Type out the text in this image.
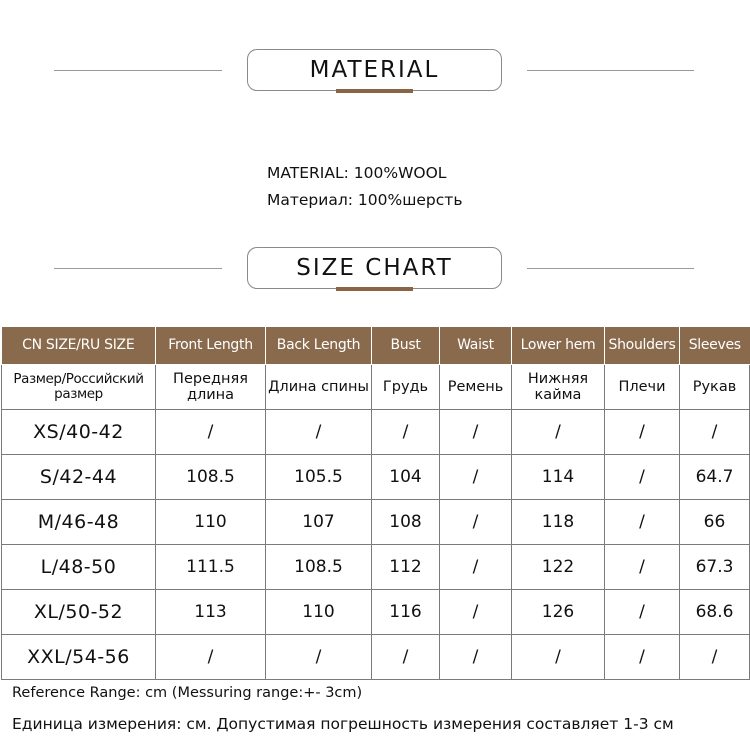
MATERIAL
MATERIAL: 100%WOOL
Материал: 100%шерсть
SIZE CHART
CN SIZE/RU SIZE	Front Length	Back Length	Bust	Waist	Lower hem	Shoulders	Sleeves
Размер/Российский размер	Передняя длина	Длина спины	Грудь	Ремень	Нижняя кайма	Плечи	Рукав
XS/40-42	/	/	/	/	/	/	/
S/42-44	108.5	105.5	104	/	114	/	64.7
M/46-48	110	107	108	/	118	/	66
L/48-50	111.5	108.5	112	/	122	/	67.3
XL/50-52	113	110	116	/	126	/	68.6
XXL/54-56	/	/	/	/	/	/	/
Reference Range: cm (Messuring range:+- 3cm)
Единица измерения: см. Допустимая погрешность измерения составляет 1-3 см
